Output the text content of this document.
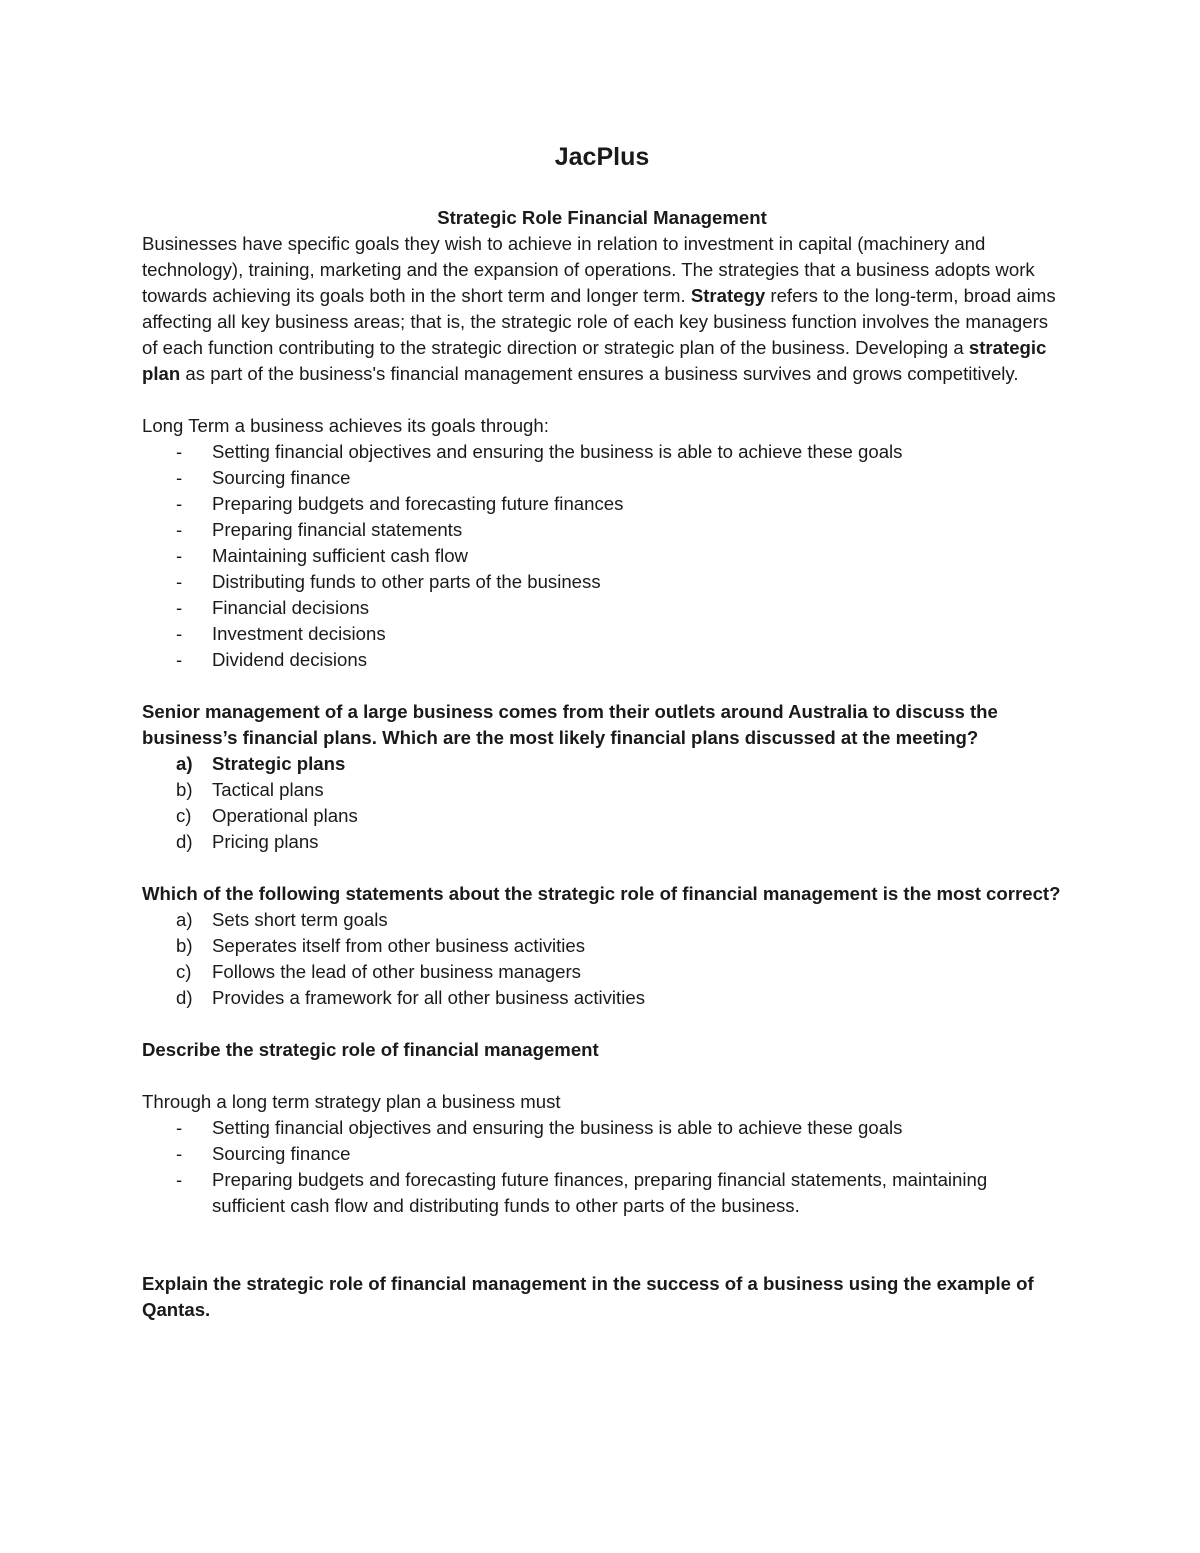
JacPlus

Strategic Role Financial Management

Businesses have specific goals they wish to achieve in relation to investment in capital (machinery and technology), training, marketing and the expansion of operations. The strategies that a business adopts work towards achieving its goals both in the short term and longer term. Strategy refers to the long-term, broad aims affecting all key business areas; that is, the strategic role of each key business function involves the managers of each function contributing to the strategic direction or strategic plan of the business. Developing a strategic plan as part of the business's financial management ensures a business survives and grows competitively.

Long Term a business achieves its goals through:

- Setting financial objectives and ensuring the business is able to achieve these goals
- Sourcing finance
- Preparing budgets and forecasting future finances
- Preparing financial statements
- Maintaining sufficient cash flow
- Distributing funds to other parts of the business
- Financial decisions
- Investment decisions
- Dividend decisions

Senior management of a large business comes from their outlets around Australia to discuss the business’s financial plans. Which are the most likely financial plans discussed at the meeting?

a) Strategic plans
b) Tactical plans
c) Operational plans
d) Pricing plans

Which of the following statements about the strategic role of financial management is the most correct?

a) Sets short term goals
b) Seperates itself from other business activities
c) Follows the lead of other business managers
d) Provides a framework for all other business activities

Describe the strategic role of financial management

Through a long term strategy plan a business must

- Setting financial objectives and ensuring the business is able to achieve these goals
- Sourcing finance
- Preparing budgets and forecasting future finances, preparing financial statements, maintaining sufficient cash flow and distributing funds to other parts of the business.

Explain the strategic role of financial management in the success of a business using the example of Qantas.
